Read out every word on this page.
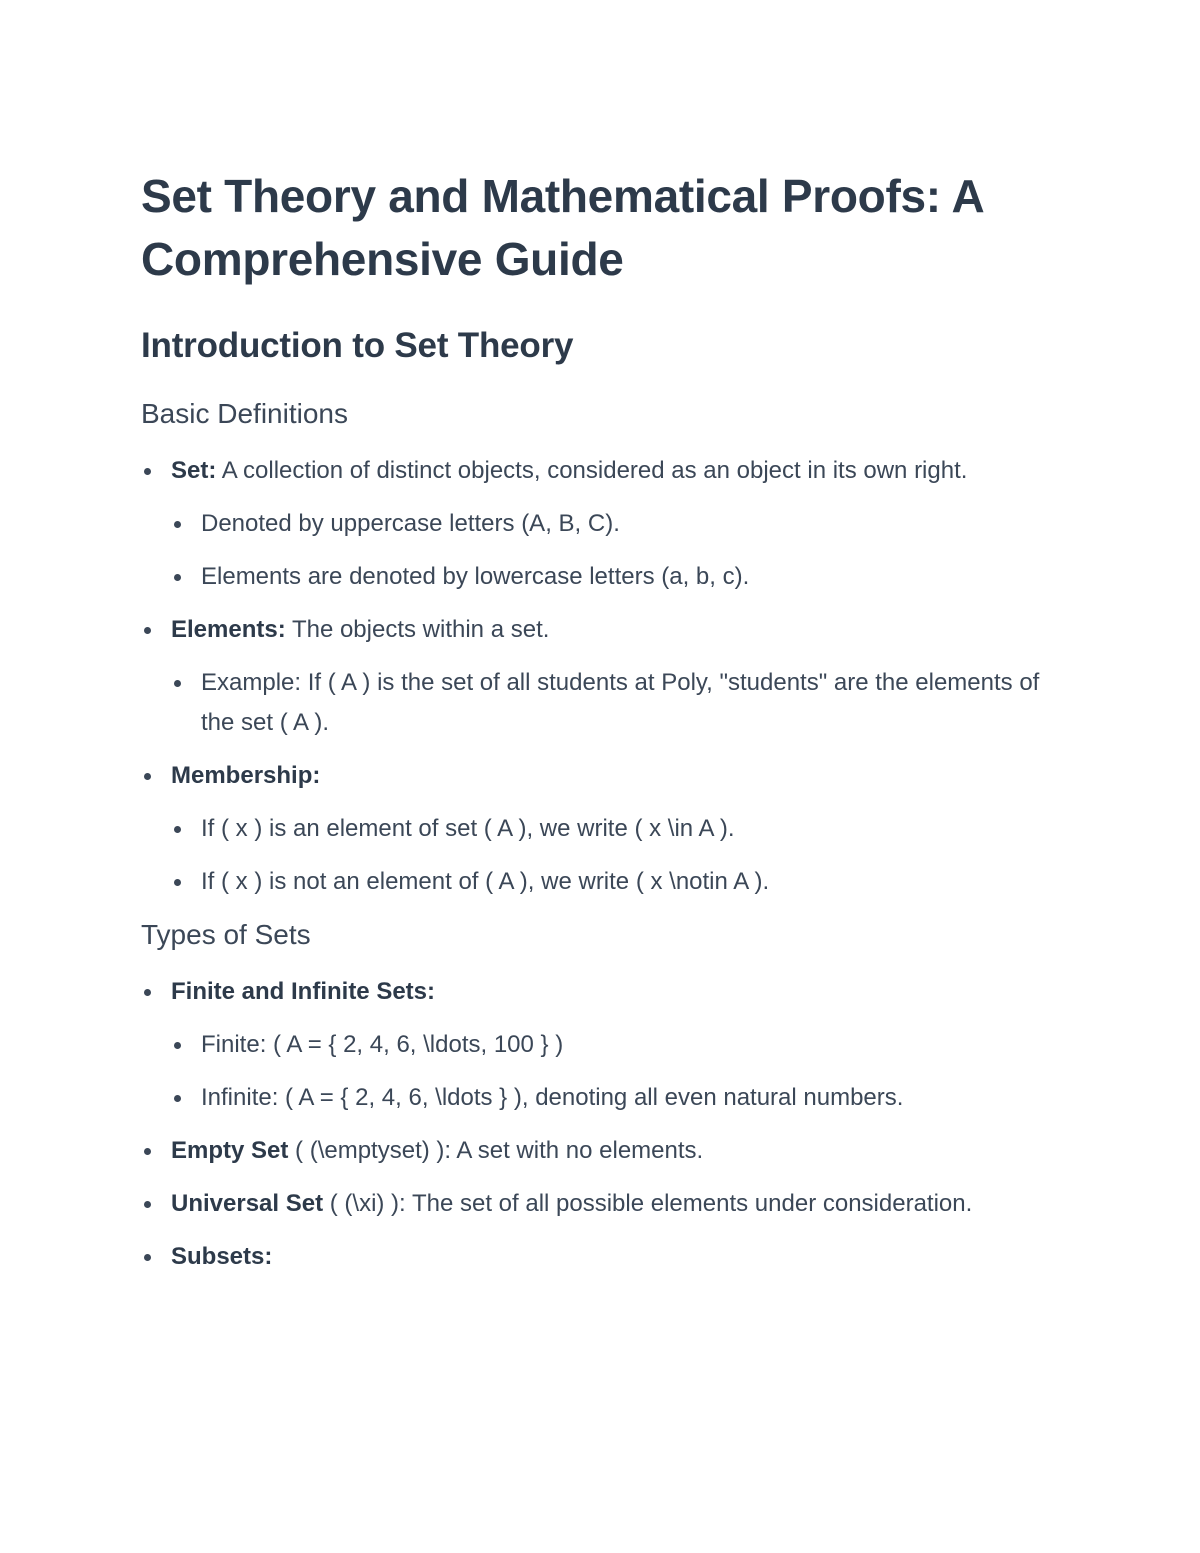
Set Theory and Mathematical Proofs: A Comprehensive Guide
Introduction to Set Theory
Basic Definitions
Set: A collection of distinct objects, considered as an object in its own right.
Denoted by uppercase letters (A, B, C).
Elements are denoted by lowercase letters (a, b, c).
Elements: The objects within a set.
Example: If ( A ) is the set of all students at Poly, "students" are the elements of the set ( A ).
Membership:
If ( x ) is an element of set ( A ), we write ( x \in A ).
If ( x ) is not an element of ( A ), we write ( x \notin A ).
Types of Sets
Finite and Infinite Sets:
Finite: ( A = { 2, 4, 6, \ldots, 100 } )
Infinite: ( A = { 2, 4, 6, \ldots } ), denoting all even natural numbers.
Empty Set ( (\emptyset) ): A set with no elements.
Universal Set ( (\xi) ): The set of all possible elements under consideration.
Subsets:
